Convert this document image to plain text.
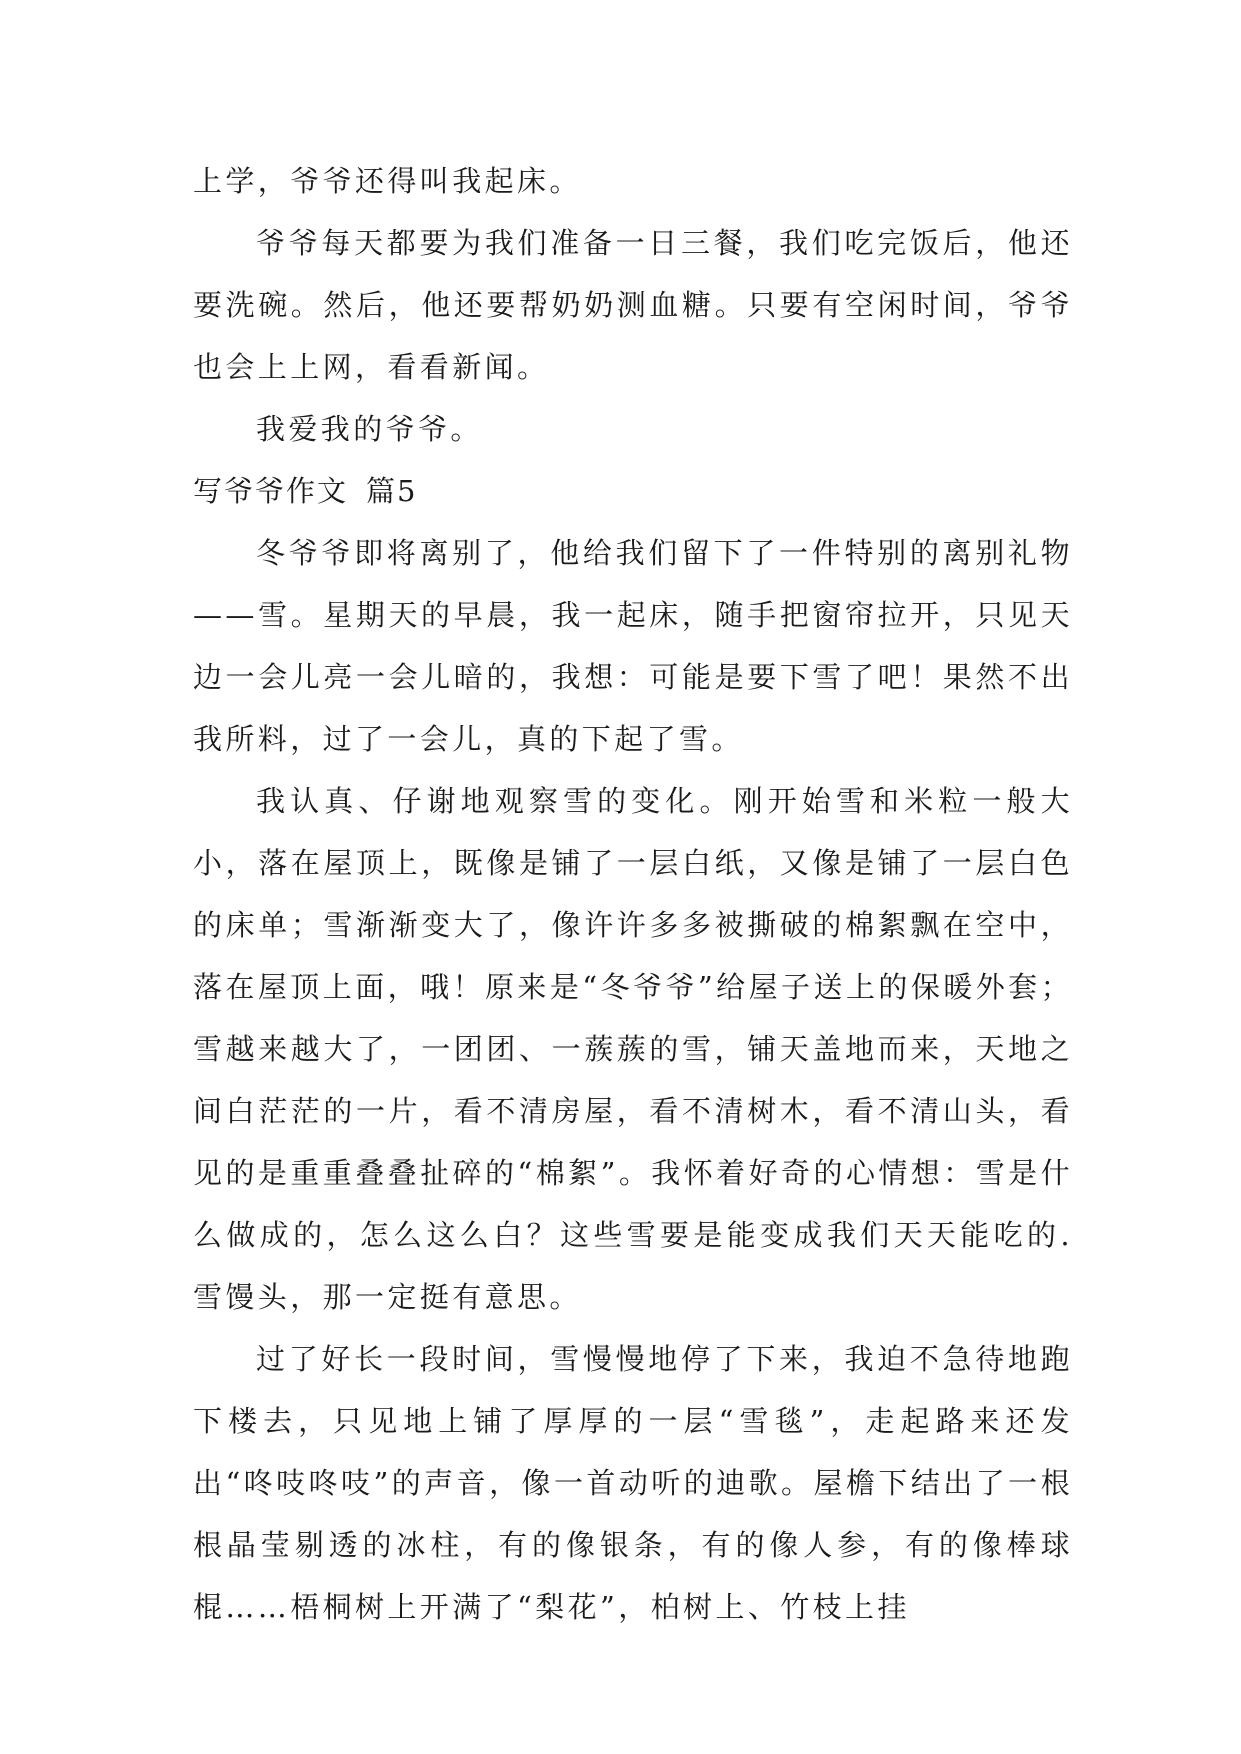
上学，爷爷还得叫我起床。

爷爷每天都要为我们准备一日三餐，我们吃完饭后，他还要洗碗。然后，他还要帮奶奶测血糖。只要有空闲时间，爷爷也会上上网，看看新闻。

我爱我的爷爷。

写爷爷作文 篇5

冬爷爷即将离别了，他给我们留下了一件特别的离别礼物——雪。星期天的早晨，我一起床，随手把窗帘拉开，只见天边一会儿亮一会儿暗的，我想：可能是要下雪了吧！果然不出我所料，过了一会儿，真的下起了雪。

我认真、仔谢地观察雪的变化。刚开始雪和米粒一般大小，落在屋顶上，既像是铺了一层白纸，又像是铺了一层白色的床单；雪渐渐变大了，像许许多多被撕破的棉絮飘在空中，落在屋顶上面，哦！原来是“冬爷爷”给屋子送上的保暖外套；雪越来越大了，一团团、一蔟蔟的雪，铺天盖地而来，天地之间白茫茫的一片，看不清房屋，看不清树木，看不清山头，看见的是重重叠叠扯碎的“棉絮”。我怀着好奇的心情想：雪是什么做成的，怎么这么白？这些雪要是能变成我们天天能吃的.雪馒头，那一定挺有意思。

过了好长一段时间，雪慢慢地停了下来，我迫不急待地跑下楼去，只见地上铺了厚厚的一层“雪毯”，走起路来还发出“咚吱咚吱”的声音，像一首动听的迪歌。屋檐下结出了一根根晶莹剔透的冰柱，有的像银条，有的像人参，有的像棒球棍……梧桐树上开满了“梨花”，柏树上、竹枝上挂
